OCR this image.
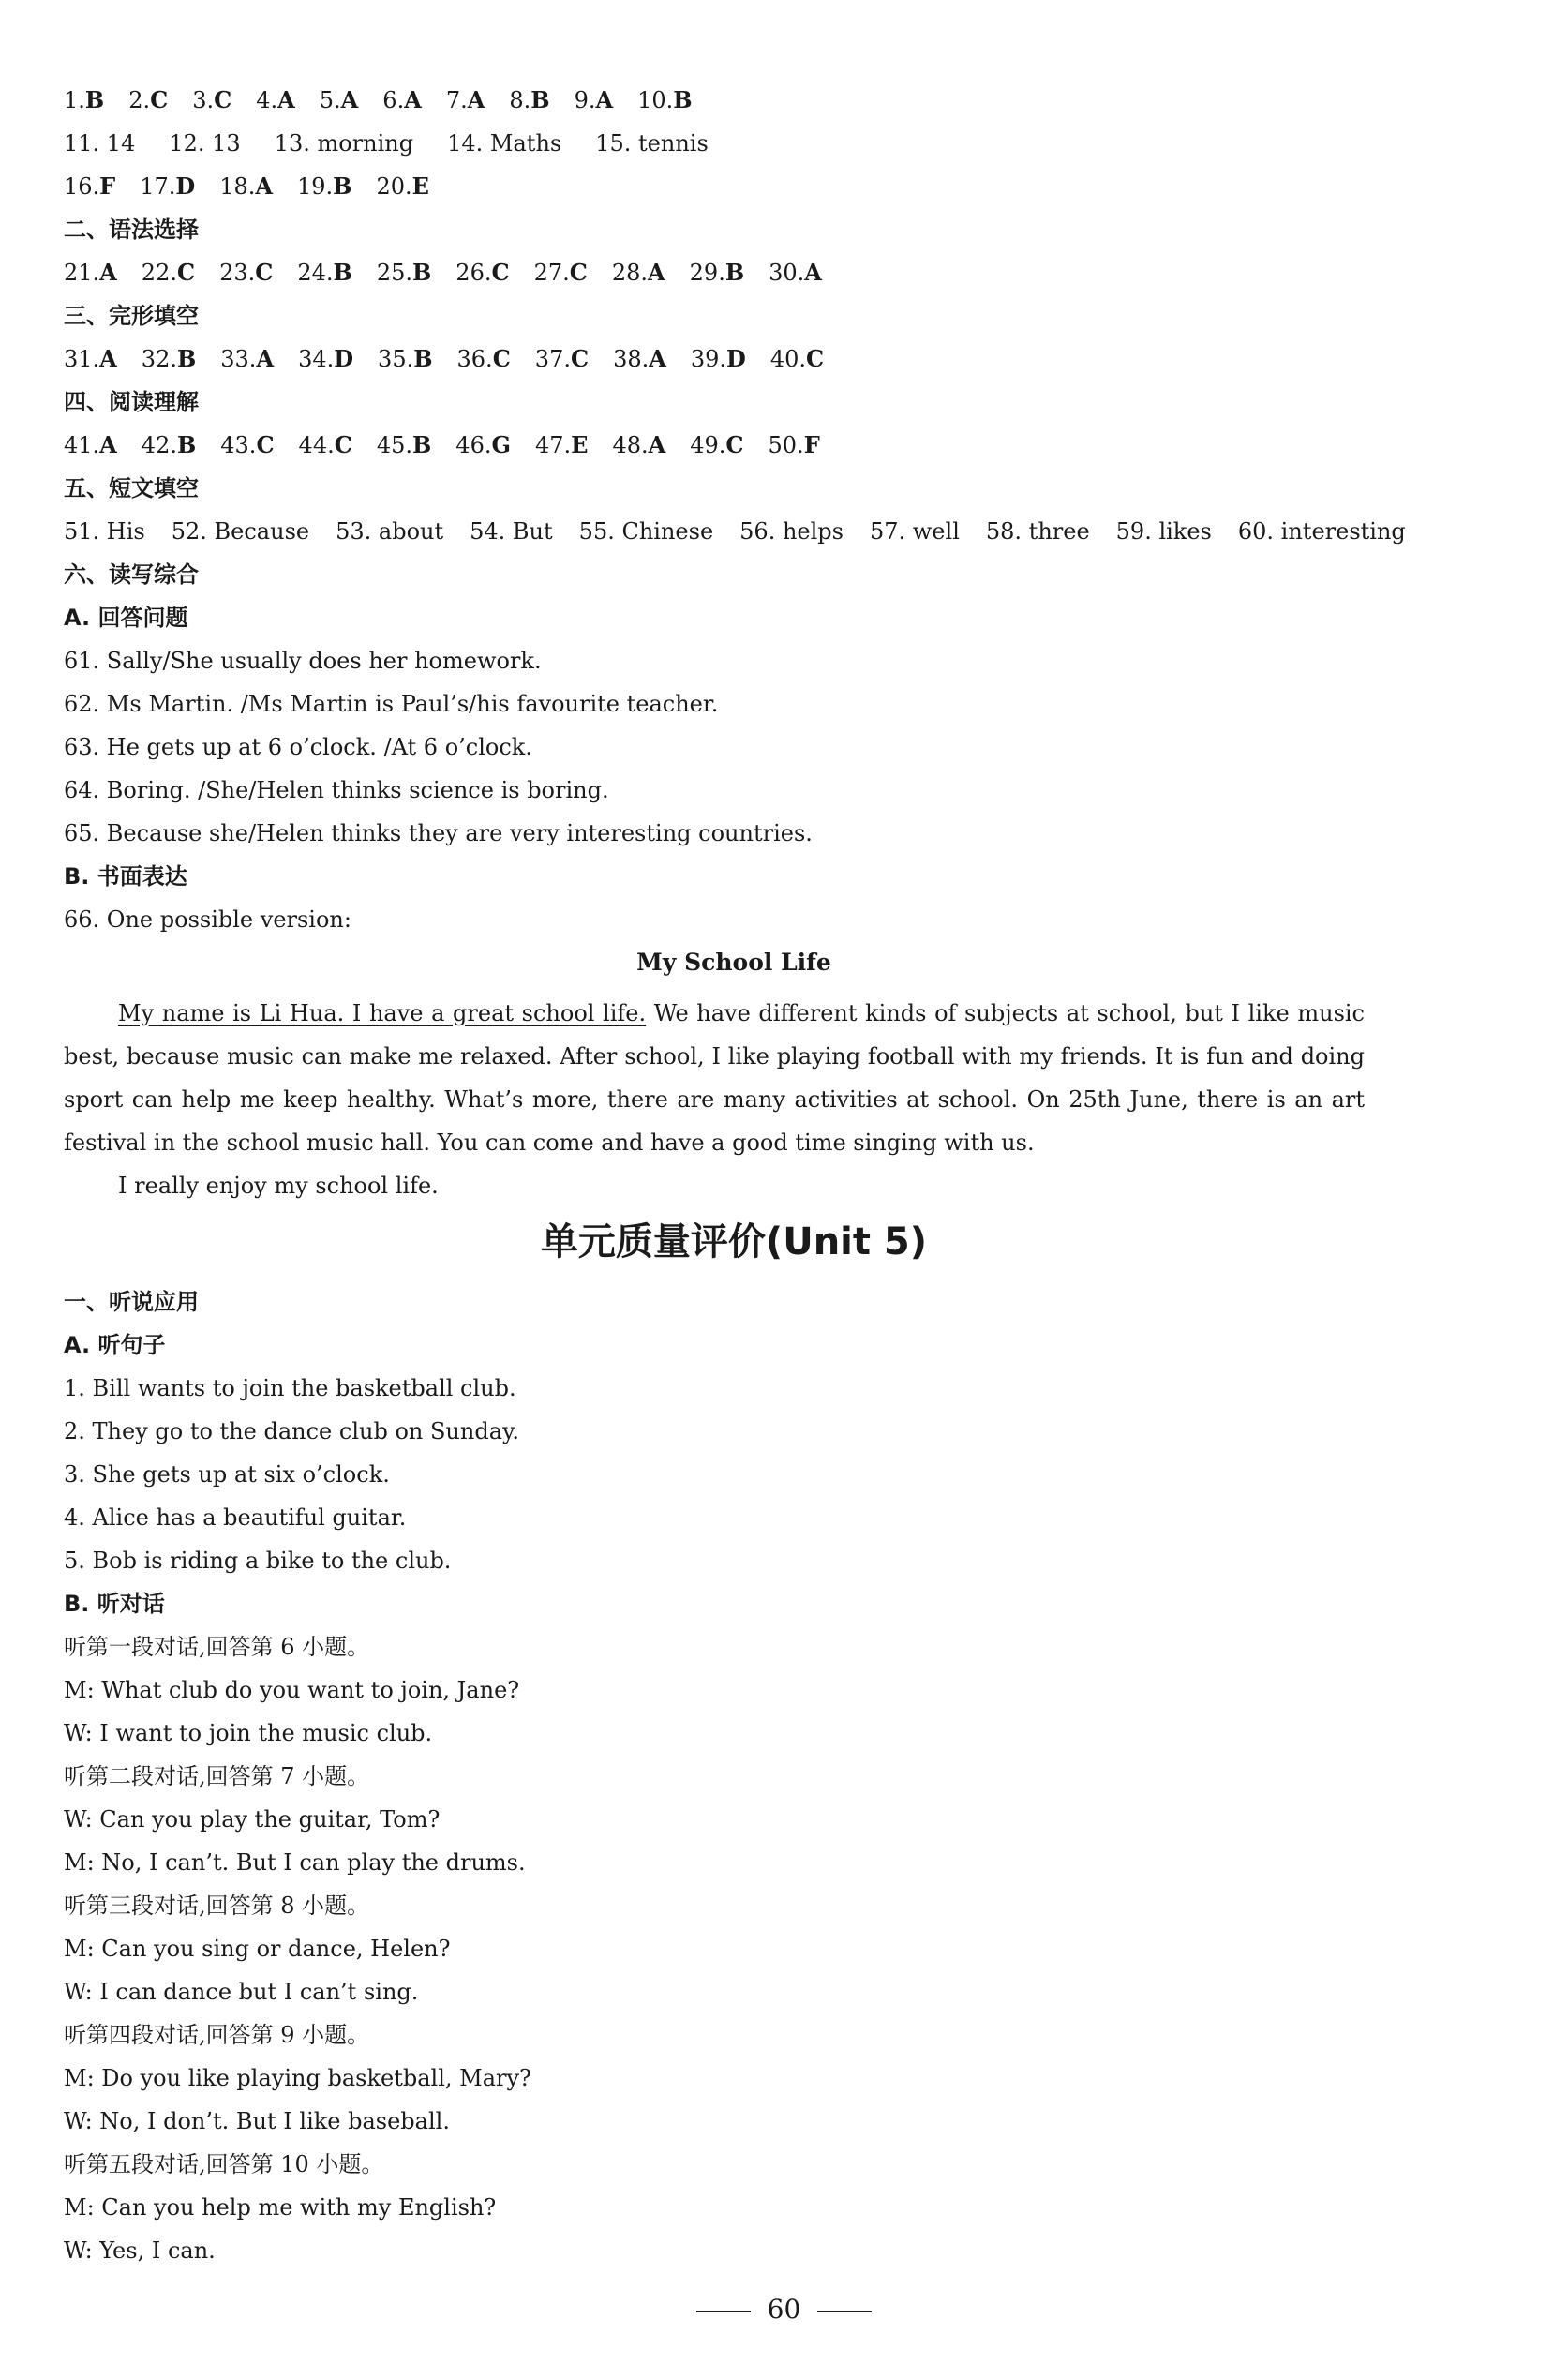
1.B 2.C 3.C 4.A 5.A 6.A 7.A 8.B 9.A 10.B
11. 14 12. 13 13. morning 14. Maths 15. tennis
16.F 17.D 18.A 19.B 20.E
二、语法选择
21.A 22.C 23.C 24.B 25.B 26.C 27.C 28.A 29.B 30.A
三、完形填空
31.A 32.B 33.A 34.D 35.B 36.C 37.C 38.A 39.D 40.C
四、阅读理解
41.A 42.B 43.C 44.C 45.B 46.G 47.E 48.A 49.C 50.F
五、短文填空
51. His 52. Because 53. about 54. But 55. Chinese 56. helps 57. well 58. three 59. likes 60. interesting
六、读写综合
A. 回答问题
61. Sally/She usually does her homework.
62. Ms Martin. /Ms Martin is Paul’s/his favourite teacher.
63. He gets up at 6 o’clock. /At 6 o’clock.
64. Boring. /She/Helen thinks science is boring.
65. Because she/Helen thinks they are very interesting countries.
B. 书面表达
66. One possible version:
My School Life

My name is Li Hua. I have a great school life. We have different kinds of subjects at school, but I like music best, because music can make me relaxed. After school, I like playing football with my friends. It is fun and doing sport can help me keep healthy. What’s more, there are many activities at school. On 25th June, there is an art festival in the school music hall. You can come and have a good time singing with us.

I really enjoy my school life.

单元质量评价(Unit 5)
一、听说应用
A. 听句子
1. Bill wants to join the basketball club.
2. They go to the dance club on Sunday.
3. She gets up at six o’clock.
4. Alice has a beautiful guitar.
5. Bob is riding a bike to the club.
B. 听对话
听第一段对话,回答第 6 小题。
M: What club do you want to join, Jane?
W: I want to join the music club.
听第二段对话,回答第 7 小题。
W: Can you play the guitar, Tom?
M: No, I can’t. But I can play the drums.
听第三段对话,回答第 8 小题。
M: Can you sing or dance, Helen?
W: I can dance but I can’t sing.
听第四段对话,回答第 9 小题。
M: Do you like playing basketball, Mary?
W: No, I don’t. But I like baseball.
听第五段对话,回答第 10 小题。
M: Can you help me with my English?
W: Yes, I can.
60
